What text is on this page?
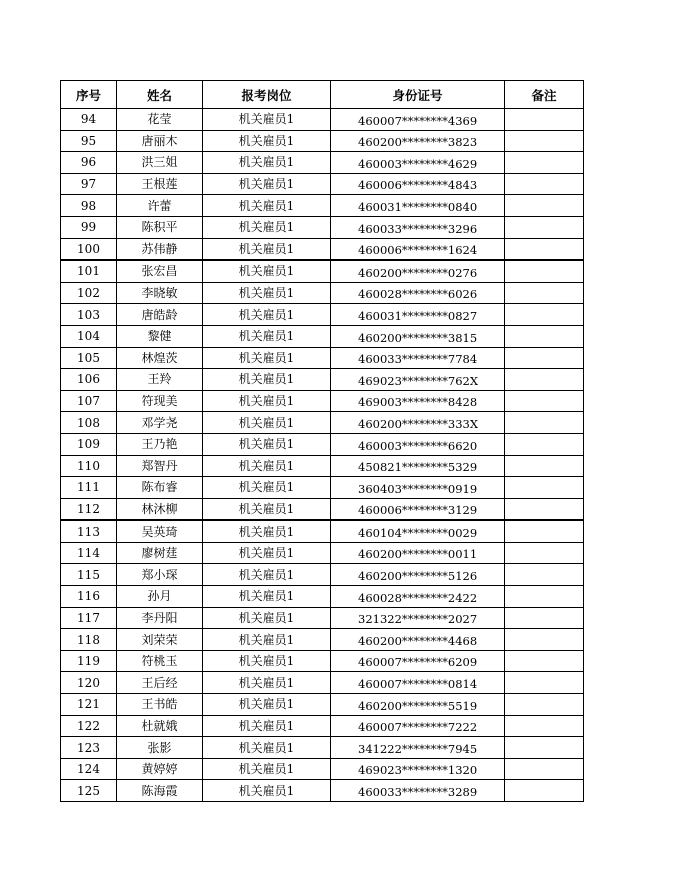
序号	姓名	报考岗位	身份证号	备注
94	花莹	机关雇员1	460007********4369	
95	唐丽木	机关雇员1	460200********3823	
96	洪三姐	机关雇员1	460003********4629	
97	王根莲	机关雇员1	460006********4843	
98	许蕾	机关雇员1	460031********0840	
99	陈积平	机关雇员1	460033********3296	
100	苏伟静	机关雇员1	460006********1624	
101	张宏昌	机关雇员1	460200********0276	
102	李晓敏	机关雇员1	460028********6026	
103	唐皓龄	机关雇员1	460031********0827	
104	黎健	机关雇员1	460200********3815	
105	林煌茨	机关雇员1	460033********7784	
106	王羚	机关雇员1	469023********762X	
107	符现美	机关雇员1	469003********8428	
108	邓学尧	机关雇员1	460200********333X	
109	王乃艳	机关雇员1	460003********6620	
110	郑智丹	机关雇员1	450821********5329	
111	陈布睿	机关雇员1	360403********0919	
112	林沐柳	机关雇员1	460006********3129	
113	吴英琦	机关雇员1	460104********0029	
114	廖树莛	机关雇员1	460200********0011	
115	郑小琛	机关雇员1	460200********5126	
116	孙月	机关雇员1	460028********2422	
117	李丹阳	机关雇员1	321322********2027	
118	刘荣荣	机关雇员1	460200********4468	
119	符桃玉	机关雇员1	460007********6209	
120	王后经	机关雇员1	460007********0814	
121	王书皓	机关雇员1	460200********5519	
122	杜就娥	机关雇员1	460007********7222	
123	张影	机关雇员1	341222********7945	
124	黄婷婷	机关雇员1	469023********1320	
125	陈海霞	机关雇员1	460033********3289	
